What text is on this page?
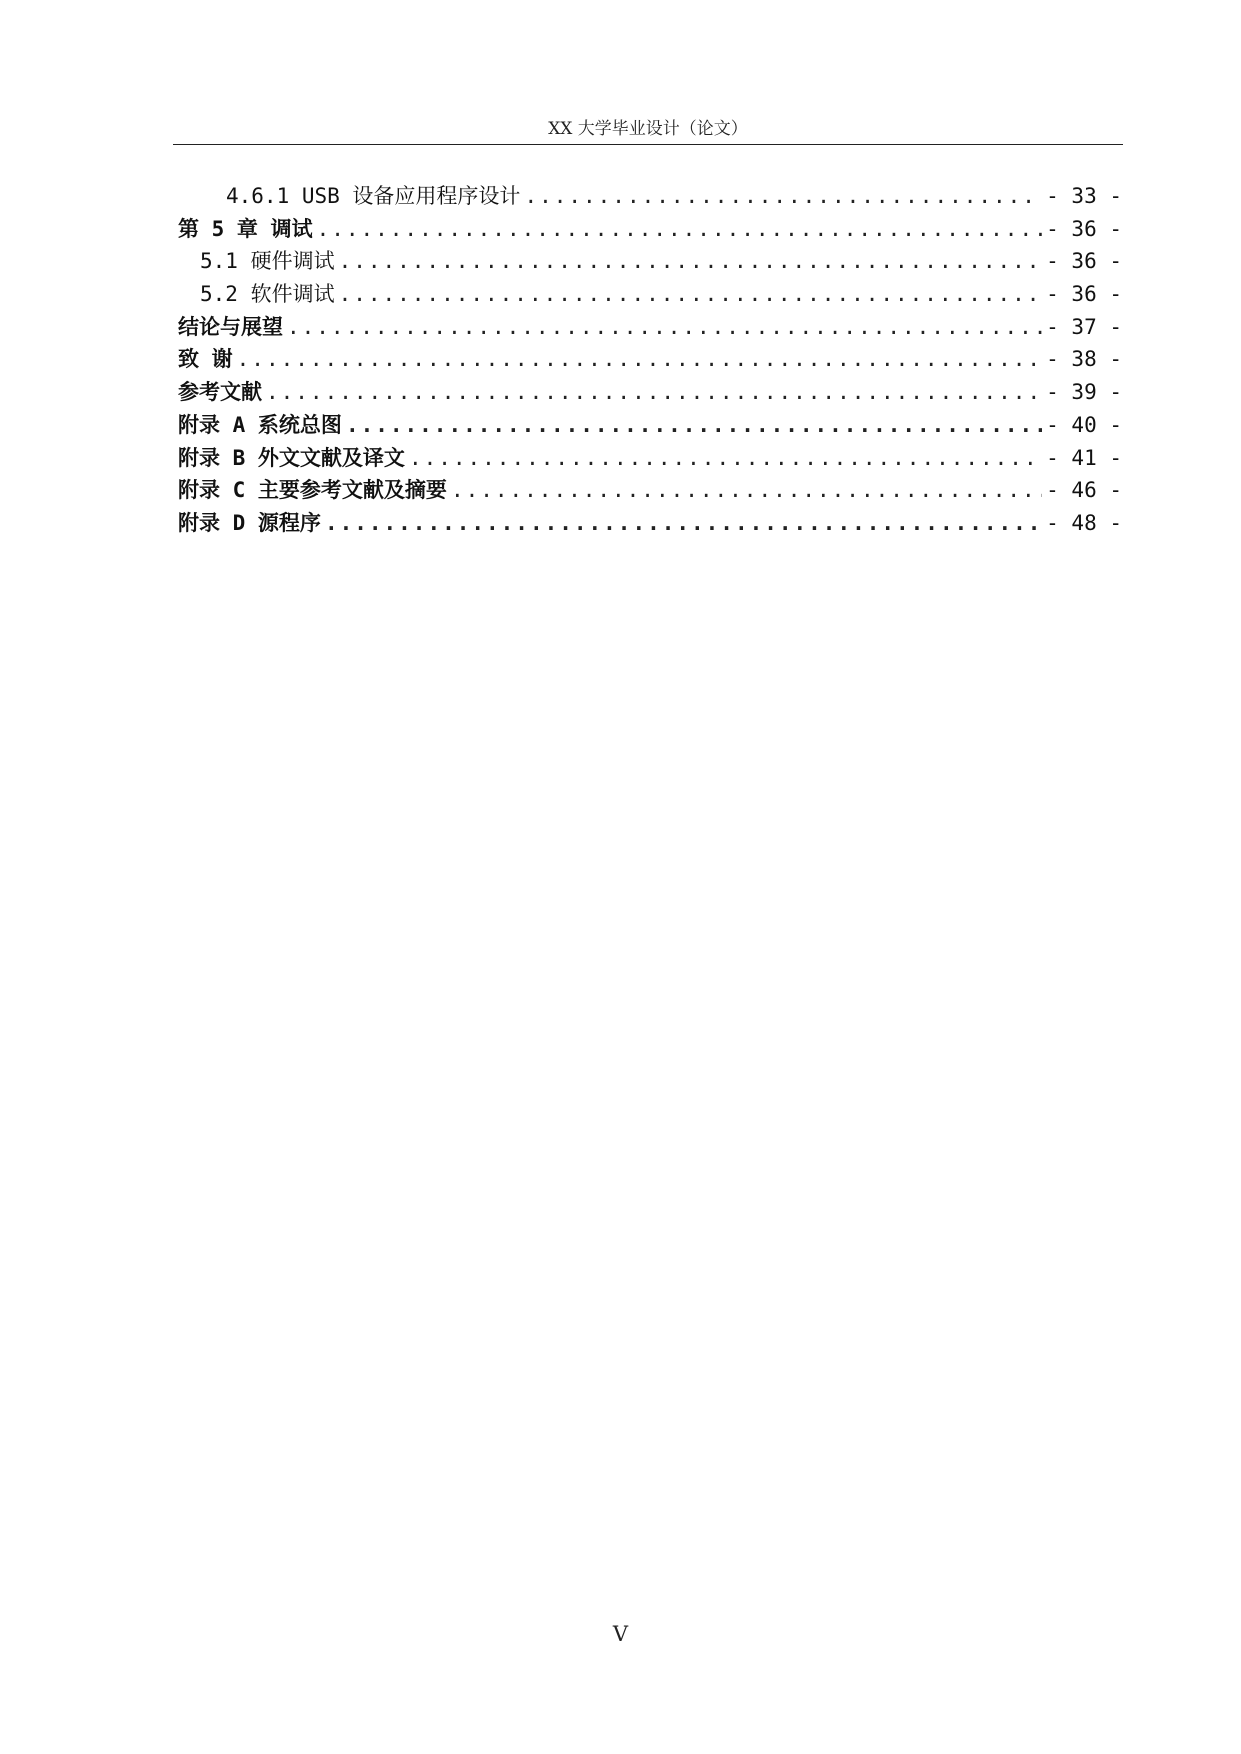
XX 大学毕业设计（论文）
4.6.1 USB 设备应用程序设计 .....	- 33 -
第 5 章 调试 .....	- 36 -
5.1 硬件调试 .....	- 36 -
5.2 软件调试 .....	- 36 -
结论与展望 .....	- 37 -
致 谢 .....	- 38 -
参考文献 .....	- 39 -
附录 A 系统总图 .....	- 40 -
附录 B 外文文献及译文 .....	- 41 -
附录 C 主要参考文献及摘要 .....	- 46 -
附录 D 源程序 .....	- 48 -
V
